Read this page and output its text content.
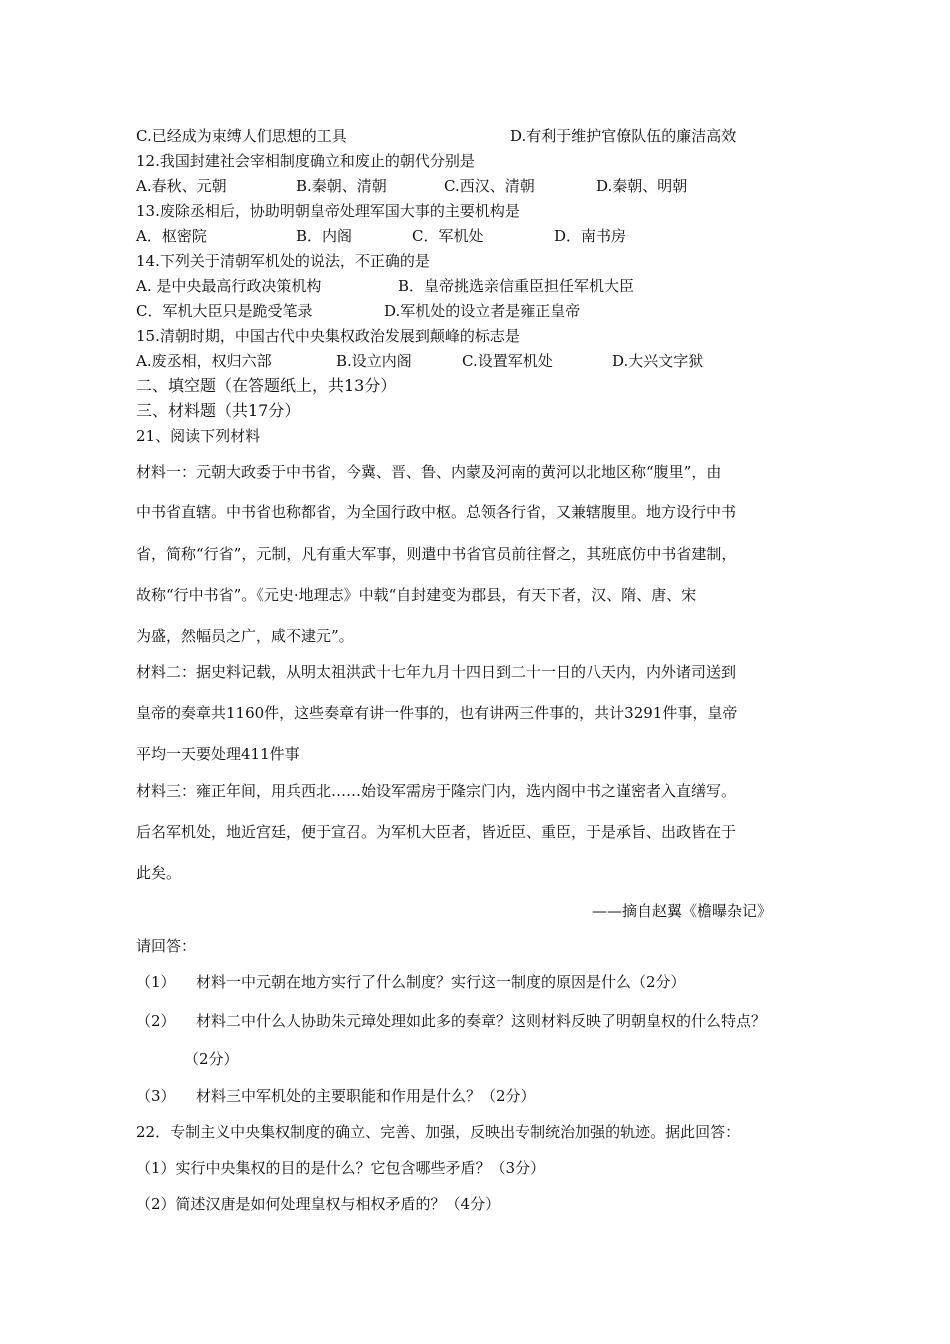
C.已经成为束缚人们思想的工具	D.有利于维护官僚队伍的廉洁高效
12.我国封建社会宰相制度确立和废止的朝代分别是
A.春秋、元朝	B.秦朝、清朝	C.西汉、清朝	D.秦朝、明朝
13.废除丞相后，协助明朝皇帝处理军国大事的主要机构是
A．枢密院	B．内阁	C．军机处	D．南书房
14.下列关于清朝军机处的说法，不正确的是
A. 是中央最高行政决策机构	B．皇帝挑选亲信重臣担任军机大臣
C．军机大臣只是跪受笔录	D.军机处的设立者是雍正皇帝
15.清朝时期，中国古代中央集权政治发展到颠峰的标志是
A.废丞相，权归六部	B.设立内阁	C.设置军机处	D.大兴文字狱
二、填空题（在答题纸上，共13分）
三、材料题（共17分）
21、阅读下列材料
材料一：元朝大政委于中书省，今冀、晋、鲁、内蒙及河南的黄河以北地区称“腹里”，由
中书省直辖。中书省也称都省，为全国行政中枢。总领各行省，又兼辖腹里。地方设行中书
省，简称“行省”，元制，凡有重大军事，则遣中书省官员前往督之，其班底仿中书省建制，
故称“行中书省”。《元史·地理志》中载“自封建变为郡县，有天下者，汉、隋、唐、宋
为盛，然幅员之广，咸不逮元”。
材料二：据史料记载，从明太祖洪武十七年九月十四日到二十一日的八天内，内外诸司送到
皇帝的奏章共1160件，这些奏章有讲一件事的，也有讲两三件事的，共计3291件事，皇帝
平均一天要处理411件事
材料三：雍正年间，用兵西北……始设军需房于隆宗门内，选内阁中书之谨密者入直缮写。
后名军机处，地近宫廷，便于宣召。为军机大臣者，皆近臣、重臣，于是承旨、出政皆在于
此矣。
——摘自赵翼《檐曝杂记》
请回答：
（1） 材料一中元朝在地方实行了什么制度？实行这一制度的原因是什么（2分）
（2） 材料二中什么人协助朱元璋处理如此多的奏章？这则材料反映了明朝皇权的什么特点？
（2分）
（3） 材料三中军机处的主要职能和作用是什么？（2分）
22．专制主义中央集权制度的确立、完善、加强，反映出专制统治加强的轨迹。据此回答：
（1）实行中央集权的目的是什么？它包含哪些矛盾？（3分）
（2）简述汉唐是如何处理皇权与相权矛盾的？（4分）
